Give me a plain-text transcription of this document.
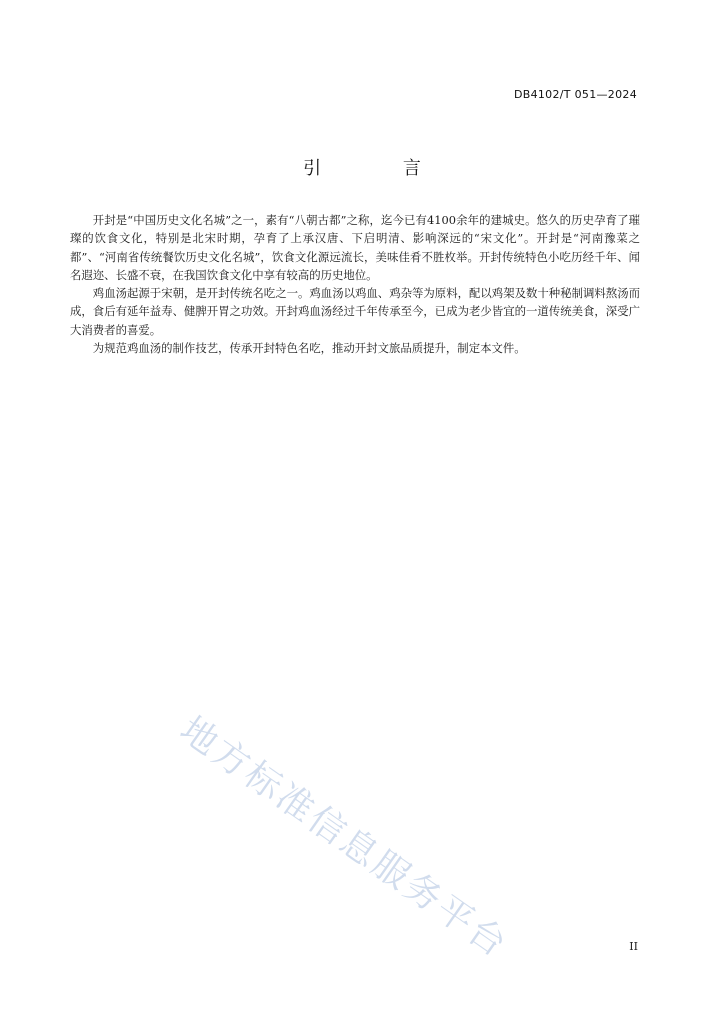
DB4102/T 051—2024
引 言

开封是“中国历史文化名城”之一，素有“八朝古都”之称，迄今已有4100余年的建城史。悠久的历史孕育了璀璨的饮食文化，特别是北宋时期，孕育了上承汉唐、下启明清、影响深远的“宋文化”。开封是“河南豫菜之都”、“河南省传统餐饮历史文化名城”，饮食文化源远流长，美味佳肴不胜枚举。开封传统特色小吃历经千年、闻名遐迩、长盛不衰，在我国饮食文化中享有较高的历史地位。

鸡血汤起源于宋朝，是开封传统名吃之一。鸡血汤以鸡血、鸡杂等为原料，配以鸡架及数十种秘制调料熬汤而成，食后有延年益寿、健脾开胃之功效。开封鸡血汤经过千年传承至今，已成为老少皆宜的一道传统美食，深受广大消费者的喜爱。

为规范鸡血汤的制作技艺，传承开封特色名吃，推动开封文旅品质提升，制定本文件。

地方标准信息服务平台	II
